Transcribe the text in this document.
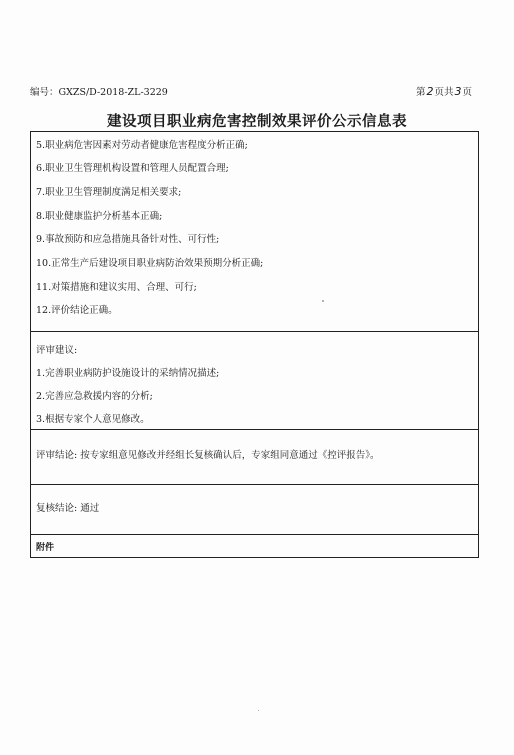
编号：GXZS/D-2018-ZL-3229	第2页共3页
建设项目职业病危害控制效果评价公示信息表
5.职业病危害因素对劳动者健康危害程度分析正确;
6.职业卫生管理机构设置和管理人员配置合理;
7.职业卫生管理制度满足相关要求;
8.职业健康监护分析基本正确;
9.事故预防和应急措施具备针对性、可行性;
10.正常生产后建设项目职业病防治效果预期分析正确;
11.对策措施和建议实用、合理、可行;
12.评价结论正确。
评审建议:
1.完善职业病防护设施设计的采纳情况描述;
2.完善应急救援内容的分析;
3.根据专家个人意见修改。
评审结论: 按专家组意见修改并经组长复核确认后，专家组同意通过《控评报告》。
复核结论: 通过
附件
